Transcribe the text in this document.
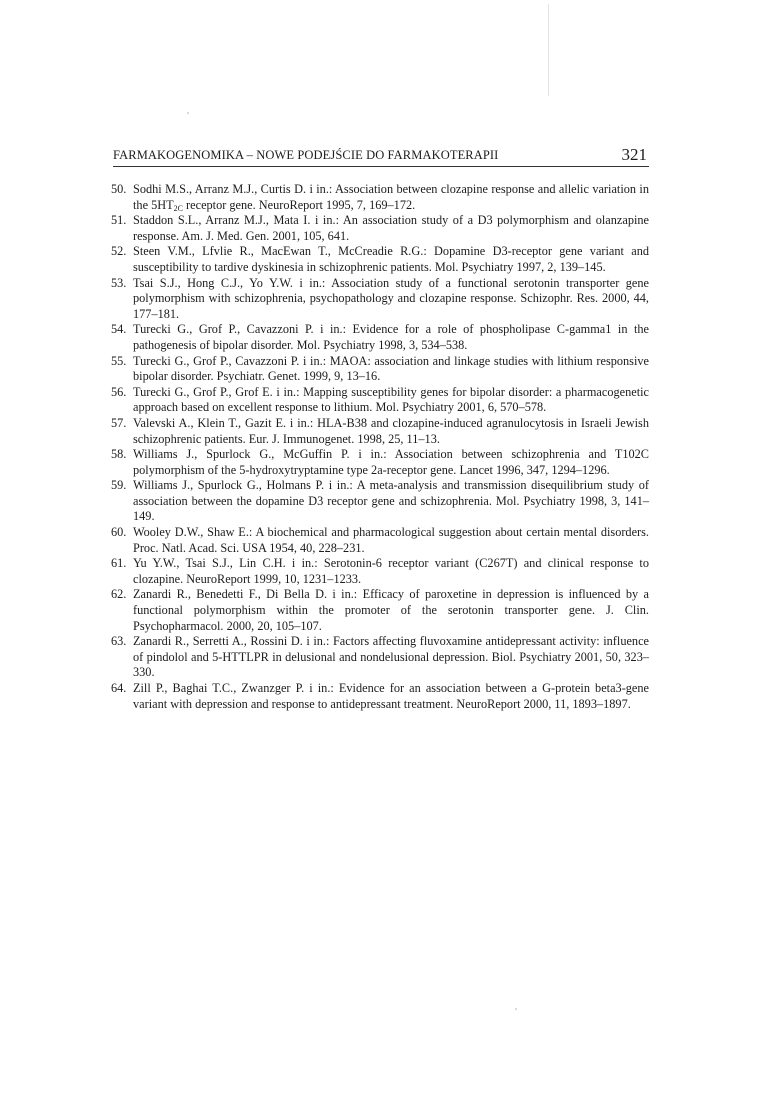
FARMAKOGENOMIKA – NOWE PODEJŚCIE DO FARMAKOTERAPII	321
50. Sodhi M.S., Arranz M.J., Curtis D. i in.: Association between clozapine response and allelic variation in the $5HT_{2C}$ receptor gene. NeuroReport 1995, 7, 169–172.
51. Staddon S.L., Arranz M.J., Mata I. i in.: An association study of a D3 polymorphism and olanzapine response. Am. J. Med. Gen. 2001, 105, 641.
52. Steen V.M., Lfvlie R., MacEwan T., McCreadie R.G.: Dopamine D3-receptor gene variant and susceptibility to tardive dyskinesia in schizophrenic patients. Mol. Psychiatry 1997, 2, 139–145.
53. Tsai S.J., Hong C.J., Yo Y.W. i in.: Association study of a functional serotonin transporter gene polymorphism with schizophrenia, psychopathology and clozapine response. Schizophr. Res. 2000, 44, 177–181.
54. Turecki G., Grof P., Cavazzoni P. i in.: Evidence for a role of phospholipase C-gamma1 in the pathogenesis of bipolar disorder. Mol. Psychiatry 1998, 3, 534–538.
55. Turecki G., Grof P., Cavazzoni P. i in.: MAOA: association and linkage studies with lithium responsive bipolar disorder. Psychiatr. Genet. 1999, 9, 13–16.
56. Turecki G., Grof P., Grof E. i in.: Mapping susceptibility genes for bipolar disorder: a pharmacogenetic approach based on excellent response to lithium. Mol. Psychiatry 2001, 6, 570–578.
57. Valevski A., Klein T., Gazit E. i in.: HLA-B38 and clozapine-induced agranulocytosis in Israeli Jewish schizophrenic patients. Eur. J. Immunogenet. 1998, 25, 11–13.
58. Williams J., Spurlock G., McGuffin P. i in.: Association between schizophrenia and T102C polymorphism of the 5-hydroxytryptamine type 2a-receptor gene. Lancet 1996, 347, 1294–1296.
59. Williams J., Spurlock G., Holmans P. i in.: A meta-analysis and transmission disequilibrium study of association between the dopamine D3 receptor gene and schizophrenia. Mol. Psychiatry 1998, 3, 141–149.
60. Wooley D.W., Shaw E.: A biochemical and pharmacological suggestion about certain mental disorders. Proc. Natl. Acad. Sci. USA 1954, 40, 228–231.
61. Yu Y.W., Tsai S.J., Lin C.H. i in.: Serotonin-6 receptor variant (C267T) and clinical response to clozapine. NeuroReport 1999, 10, 1231–1233.
62. Zanardi R., Benedetti F., Di Bella D. i in.: Efficacy of paroxetine in depression is influenced by a functional polymorphism within the promoter of the serotonin transporter gene. J. Clin. Psychopharmacol. 2000, 20, 105–107.
63. Zanardi R., Serretti A., Rossini D. i in.: Factors affecting fluvoxamine antidepressant activity: influence of pindolol and 5-HTTLPR in delusional and nondelusional depression. Biol. Psychiatry 2001, 50, 323–330.
64. Zill P., Baghai T.C., Zwanzger P. i in.: Evidence for an association between a G-protein beta3-gene variant with depression and response to antidepressant treatment. NeuroReport 2000, 11, 1893–1897.
